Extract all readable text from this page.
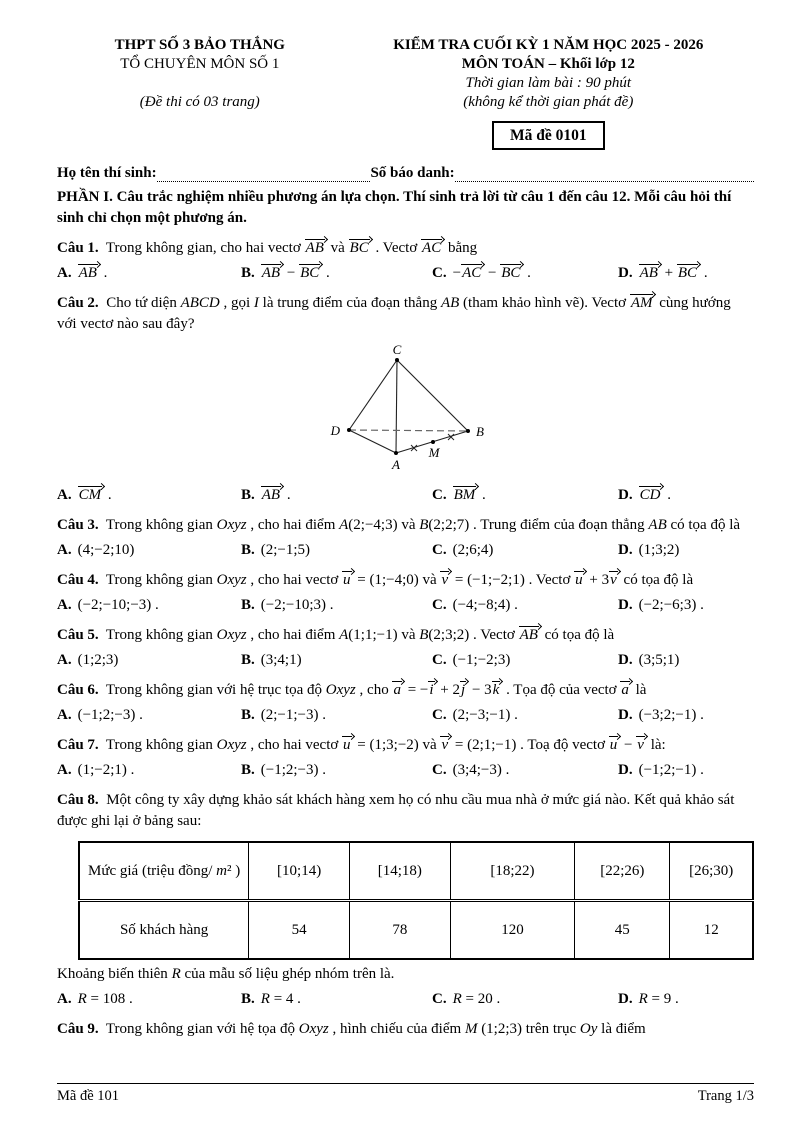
THPT SỐ 3 BẢO THẮNG
TỔ CHUYÊN MÔN SỐ 1
(Đề thi có 03 trang)
KIỂM TRA CUỐI KỲ 1 NĂM HỌC 2025 - 2026
MÔN TOÁN – Khối lớp 12
Thời gian làm bài : 90 phút
(không kể thời gian phát đề)
Mã đề 0101
Họ tên thí sinh:	Số báo danh:

PHẦN I. Câu trắc nghiệm nhiều phương án lựa chọn. Thí sinh trả lời từ câu 1 đến câu 12. Mỗi câu hỏi thí sinh chỉ chọn một phương án.

Câu 1. Trong không gian, cho hai vectơ AB và BC . Vectơ AC bằng

A. AB .	B. AB − BC .	C. −AC − BC .	D. AB + BC .

Câu 2. Cho tứ diện ABCD , gọi I là trung điểm của đoạn thẳng AB (tham khảo hình vẽ). Vectơ AM cùng hướng với vectơ nào sau đây?

C
D	B
A
M
A. CM .	B. AB .	C. BM .	D. CD .

Câu 3. Trong không gian Oxyz , cho hai điểm A(2;−4;3) và B(2;2;7) . Trung điểm của đoạn thẳng AB có tọa độ là

A. (4;−2;10)	B. (2;−1;5)	C. (2;6;4)	D. (1;3;2)

Câu 4. Trong không gian Oxyz , cho hai vectơ u = (1;−4;0) và v = (−1;−2;1) . Vectơ u + 3v có tọa độ là

A. (−2;−10;−3) .	B. (−2;−10;3) .	C. (−4;−8;4) .	D. (−2;−6;3) .

Câu 5. Trong không gian Oxyz , cho hai điểm A(1;1;−1) và B(2;3;2) . Vectơ AB có tọa độ là

A. (1;2;3)	B. (3;4;1)	C. (−1;−2;3)	D. (3;5;1)

Câu 6. Trong không gian với hệ trục tọa độ Oxyz , cho a = −i + 2j − 3k . Tọa độ của vectơ a là

A. (−1;2;−3) .	B. (2;−1;−3) .	C. (2;−3;−1) .	D. (−3;2;−1) .

Câu 7. Trong không gian Oxyz , cho hai vectơ u = (1;3;−2) và v = (2;1;−1) . Toạ độ vectơ u − v là:

A. (1;−2;1) .	B. (−1;2;−3) .	C. (3;4;−3) .	D. (−1;2;−1) .

Câu 8. Một công ty xây dựng khảo sát khách hàng xem họ có nhu cầu mua nhà ở mức giá nào. Kết quả khảo sát được ghi lại ở bảng sau:

Mức giá (triệu đồng/ m² )	[10;14)	[14;18)	[18;22)	[22;26)	[26;30)
Số khách hàng	54	78	120	45	12

Khoảng biến thiên R của mẫu số liệu ghép nhóm trên là.

A. R = 108 .	B. R = 4 .	C. R = 20 .	D. R = 9 .

Câu 9. Trong không gian với hệ tọa độ Oxyz , hình chiếu của điểm M (1;2;3) trên trục Oy là điểm

Mã đề 101	Trang 1/3
